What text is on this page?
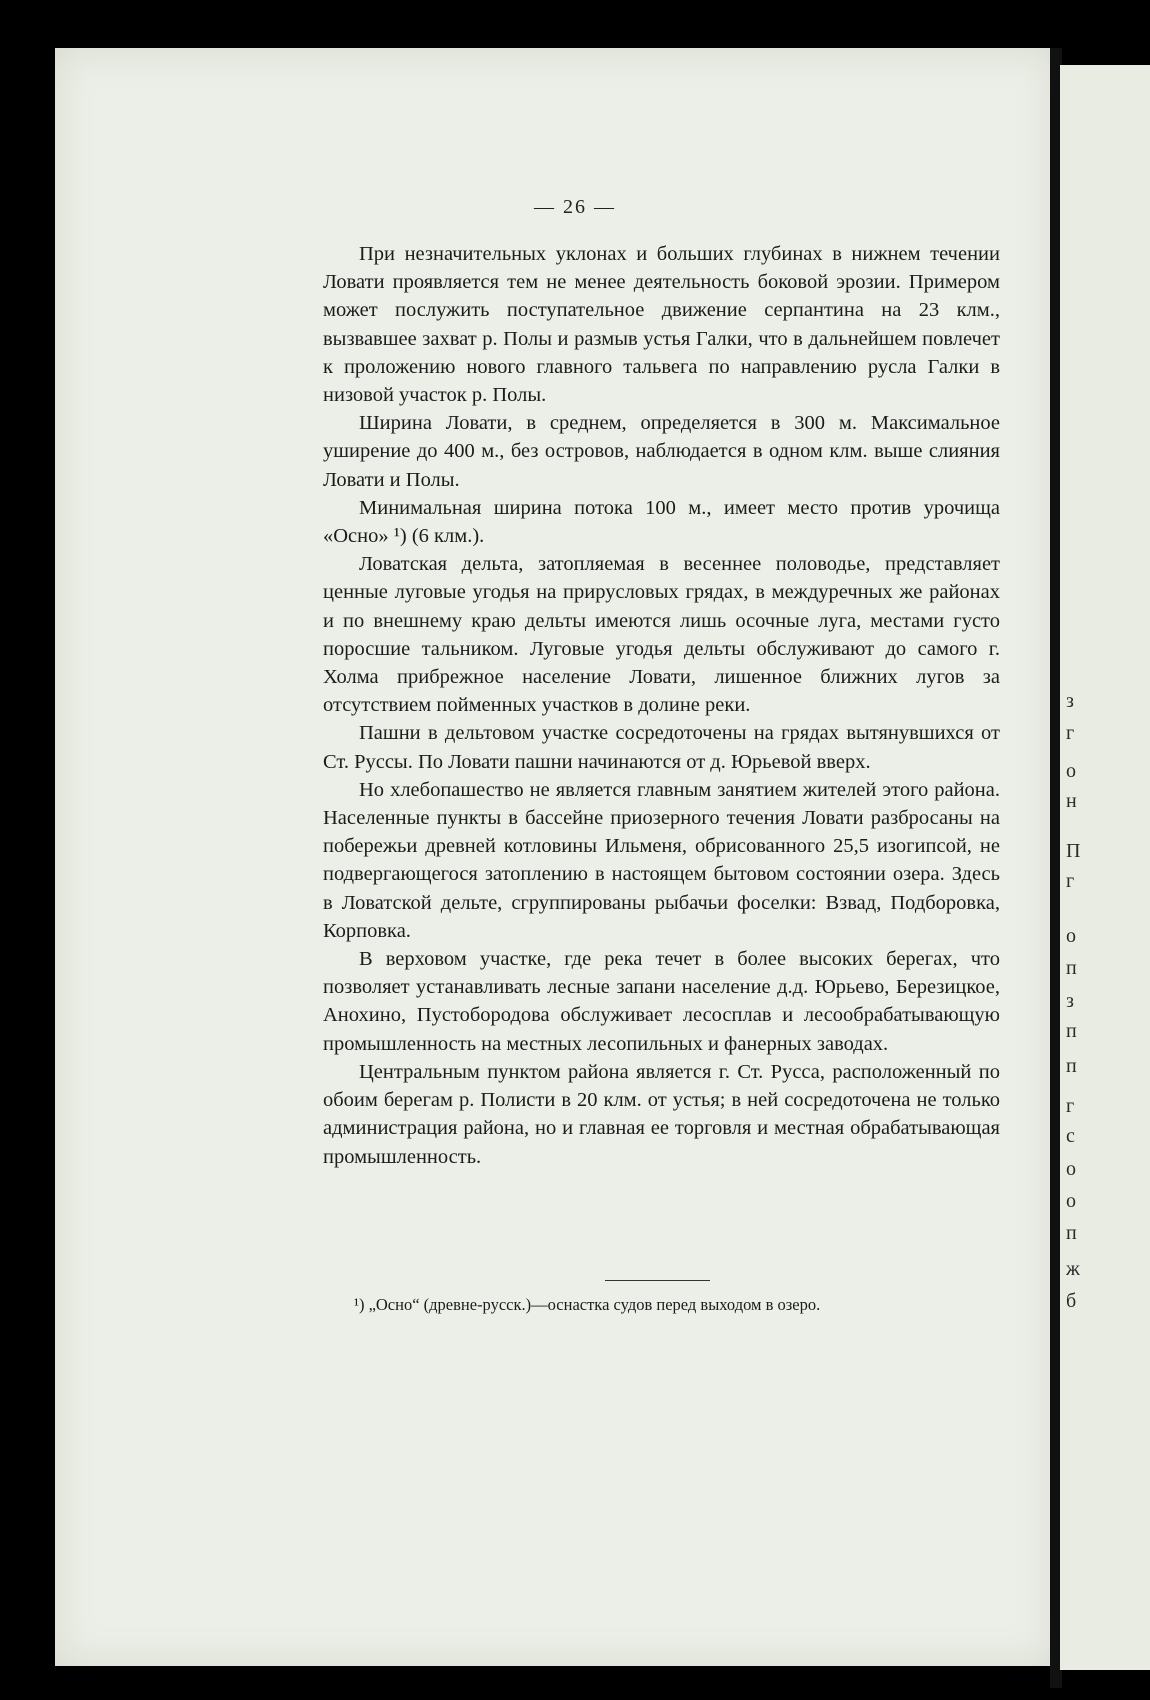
з
г
о
н
П
г
о
п
з
п
п
г
с
о
о
п
ж
б
— 26 —

При незначительных уклонах и больших глубинах в нижнем течении Ловати проявляется тем не менее деятельность боковой эрозии. Примером может послужить поступательное движение серпантина на 23 клм., вызвавшее захват р. Полы и размыв устья Галки, что в дальнейшем повлечет к проложению нового главного тальвега по направлению русла Галки в низовой участок р. Полы.

Ширина Ловати, в среднем, определяется в 300 м. Максимальное уширение до 400 м., без островов, наблюдается в одном клм. выше слияния Ловати и Полы.

Минимальная ширина потока 100 м., имеет место против урочища «Осно» ¹) (6 клм.).

Ловатская дельта, затопляемая в весеннее половодье, представляет ценные луговые угодья на прирусловых грядах, в междуречных же районах и по внешнему краю дельты имеются лишь осочные луга, местами густо поросшие тальником. Луговые угодья дельты обслуживают до самого г. Холма прибрежное население Ловати, лишенное ближних лугов за отсутствием пойменных участков в долине реки.

Пашни в дельтовом участке сосредоточены на грядах вытянувшихся от Ст. Руссы. По Ловати пашни начинаются от д. Юрьевой вверх.

Но хлебопашество не является главным занятием жителей этого района. Населенные пункты в бассейне приозерного течения Ловати разбросаны на побережьи древней котловины Ильменя, обрисованного 25,5 изогипсой, не подвергающегося затоплению в настоящем бытовом состоянии озера. Здесь в Ловатской дельте, сгруппированы рыбачьи фоселки: Взвад, Подборовка, Корповка.

В верховом участке, где река течет в более высоких берегах, что позволяет устанавливать лесные запани население д.д. Юрьево, Березицкое, Анохино, Пустобородова обслуживает лесосплав и лесообрабатывающую промышленность на местных лесопильных и фанерных заводах.

Центральным пунктом района является г. Ст. Русса, расположенный по обоим берегам р. Полисти в 20 клм. от устья; в ней сосредоточена не только администрация района, но и главная ее торговля и местная обрабатывающая промышленность.

¹) „Осно“ (древне-русск.)—оснастка судов перед выходом в озеро.
